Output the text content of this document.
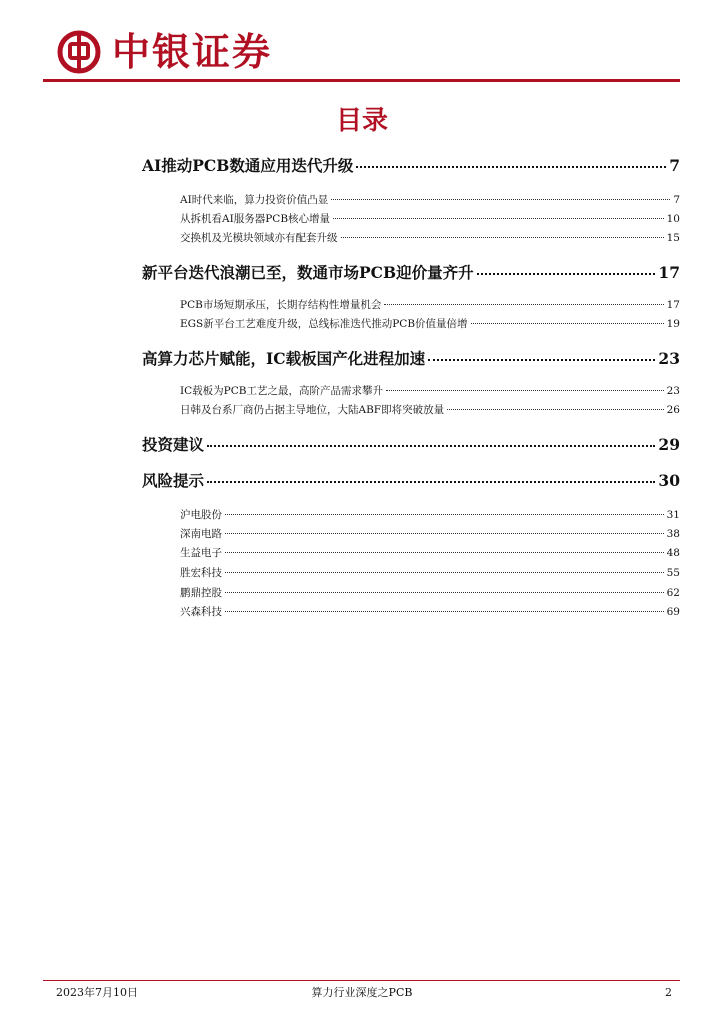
中银证券
目录
AI推动PCB数通应用迭代升级	7
AI时代来临，算力投资价值凸显	7
从拆机看AI服务器PCB核心增量	10
交换机及光模块领域亦有配套升级	15
新平台迭代浪潮已至，数通市场PCB迎价量齐升	17
PCB市场短期承压，长期存结构性增量机会	17
EGS新平台工艺难度升级，总线标准迭代推动PCB价值量倍增	19
高算力芯片赋能，IC载板国产化进程加速	23
IC载板为PCB工艺之最，高阶产品需求攀升	23
日韩及台系厂商仍占据主导地位，大陆ABF即将突破放量	26
投资建议	29
风险提示	30
沪电股份	31
深南电路	38
生益电子	48
胜宏科技	55
鹏鼎控股	62
兴森科技	69
2023年7月10日	算力行业深度之PCB	2
